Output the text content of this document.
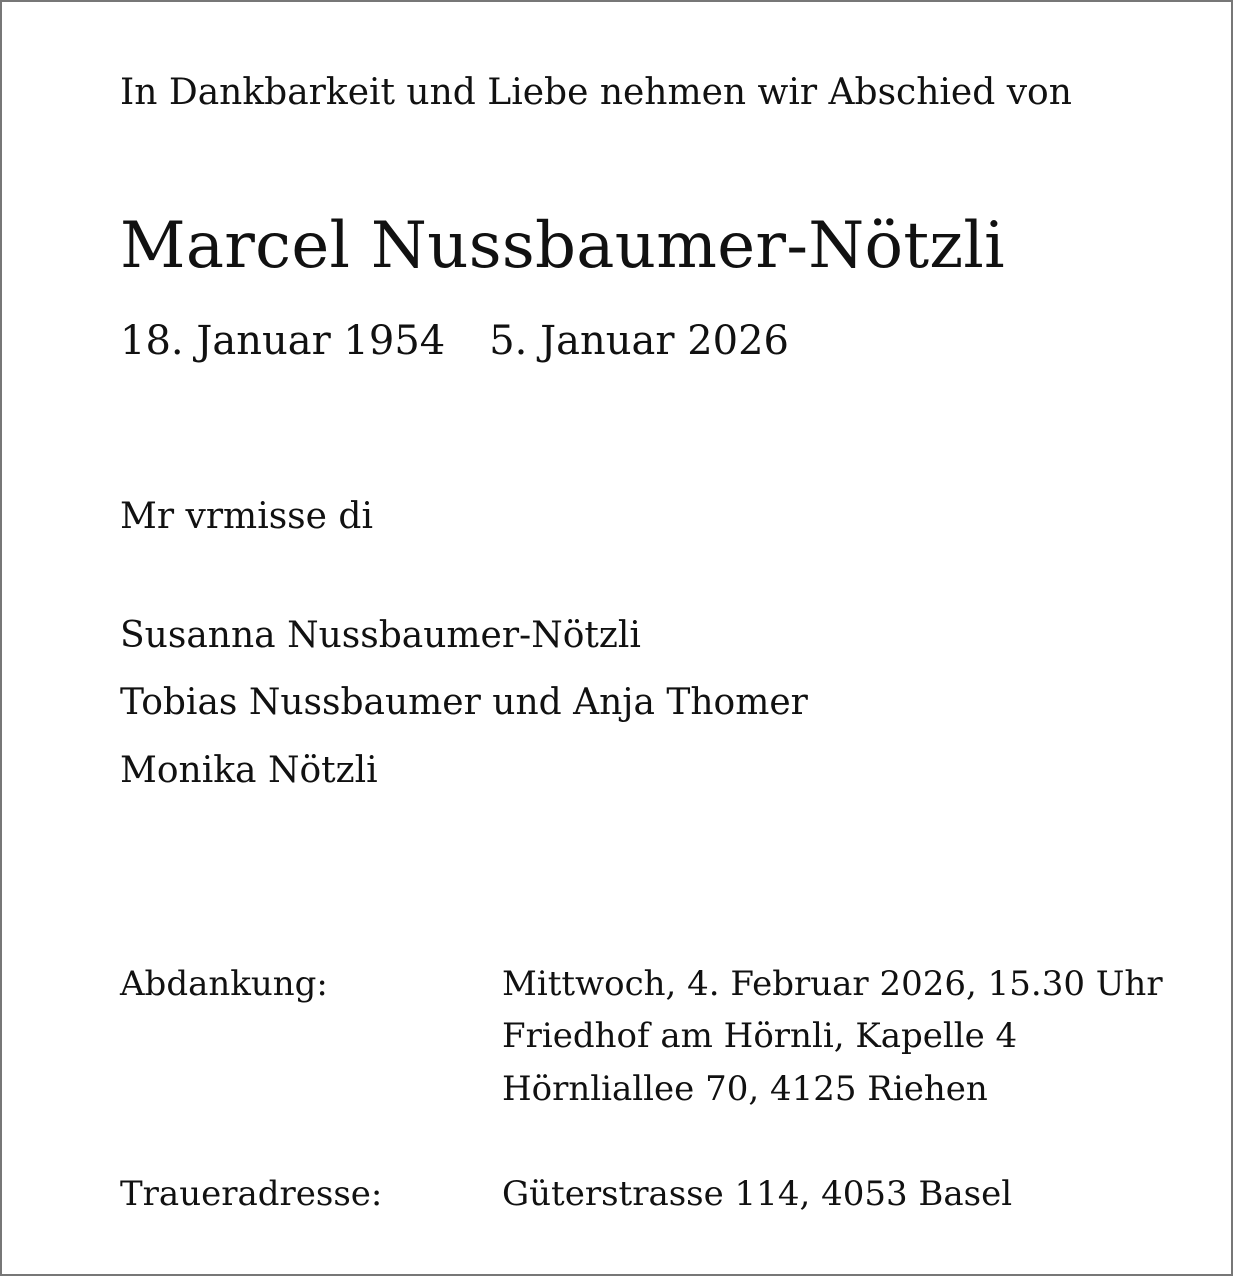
In Dankbarkeit und Liebe nehmen wir Abschied von

Marcel Nussbaumer-Nötzli
18. Januar 1954 5. Januar 2026

Mr vrmisse di

Susanna Nussbaumer-Nötzli

Tobias Nussbaumer und Anja Thomer

Monika Nötzli

Abdankung:	Mittwoch, 4. Februar 2026, 15.30 Uhr
Friedhof am Hörnli, Kapelle 4
Hörnliallee 70, 4125 Riehen
Traueradresse:	Güterstrasse 114, 4053 Basel
